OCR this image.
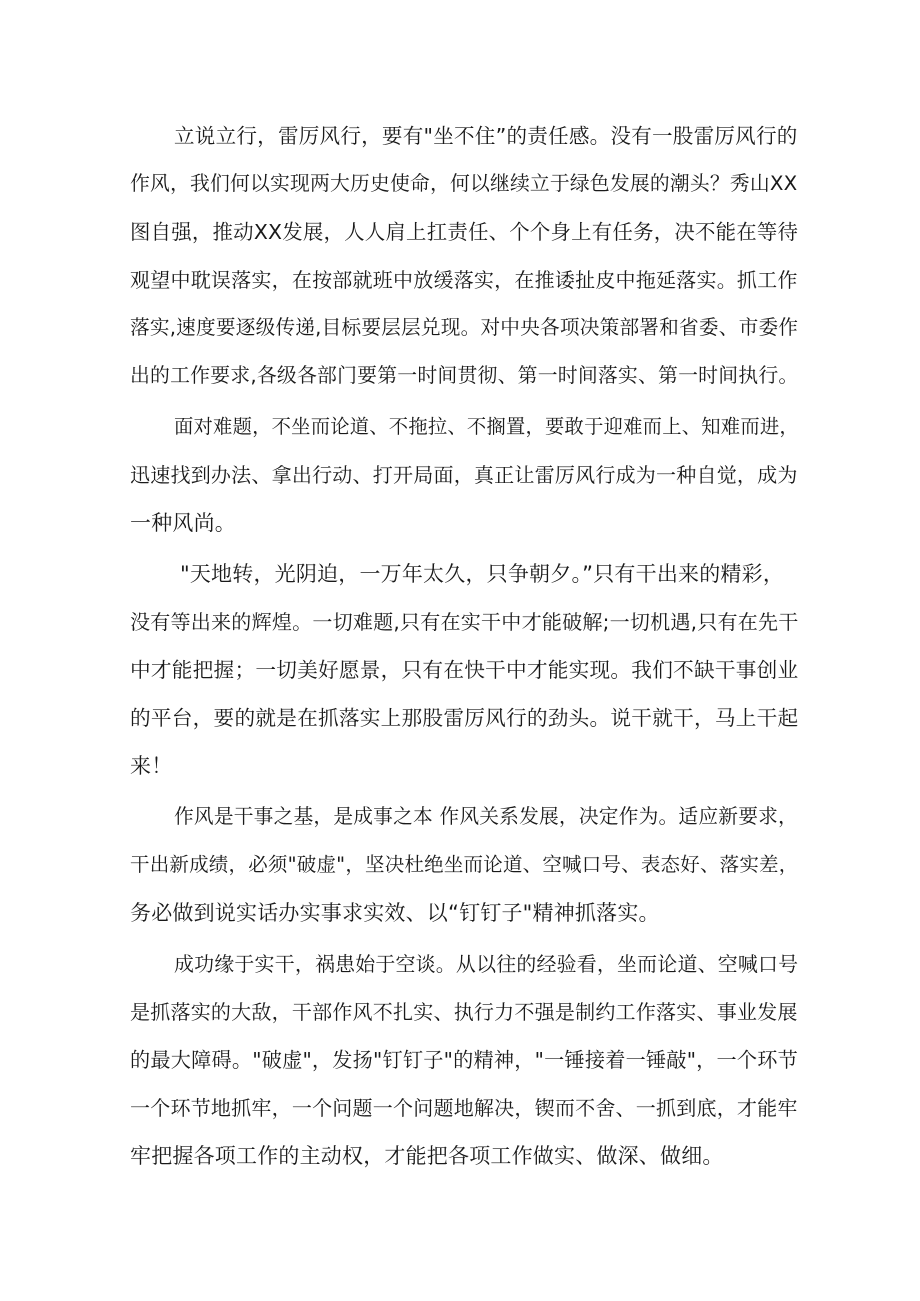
立说立行，雷厉风行，要有"坐不住”的责任感。没有一股雷厉风行的
作风，我们何以实现两大历史使命，何以继续立于绿色发展的潮头？秀山XX
图自强，推动XX发展，人人肩上扛责任、个个身上有任务，决不能在等待
观望中耽误落实，在按部就班中放缓落实，在推诿扯皮中拖延落实。抓工作
落实,速度要逐级传递,目标要层层兑现。对中央各项决策部署和省委、市委作
出的工作要求,各级各部门要第一时间贯彻、第一时间落实、第一时间执行。
面对难题，不坐而论道、不拖拉、不搁置，要敢于迎难而上、知难而进，
迅速找到办法、拿出行动、打开局面，真正让雷厉风行成为一种自觉，成为
一种风尚。
"天地转，光阴迫，一万年太久，只争朝夕。”只有干出来的精彩，
没有等出来的辉煌。一切难题,只有在实干中才能破解;一切机遇,只有在先干
中才能把握；一切美好愿景，只有在快干中才能实现。我们不缺干事创业
的平台，要的就是在抓落实上那股雷厉风行的劲头。说干就干，马上干起
来！
作风是干事之基，是成事之本 作风关系发展，决定作为。适应新要求，
干出新成绩，必须"破虚"，坚决杜绝坐而论道、空喊口号、表态好、落实差，
务必做到说实话办实事求实效、以“钉钉子"精神抓落实。
成功缘于实干，祸患始于空谈。从以往的经验看，坐而论道、空喊口号
是抓落实的大敌，干部作风不扎实、执行力不强是制约工作落实、事业发展
的最大障碍。"破虚"，发扬"钉钉子"的精神，"一锤接着一锤敲"，一个环节
一个环节地抓牢，一个问题一个问题地解决，锲而不舍、一抓到底，才能牢
牢把握各项工作的主动权，才能把各项工作做实、做深、做细。
